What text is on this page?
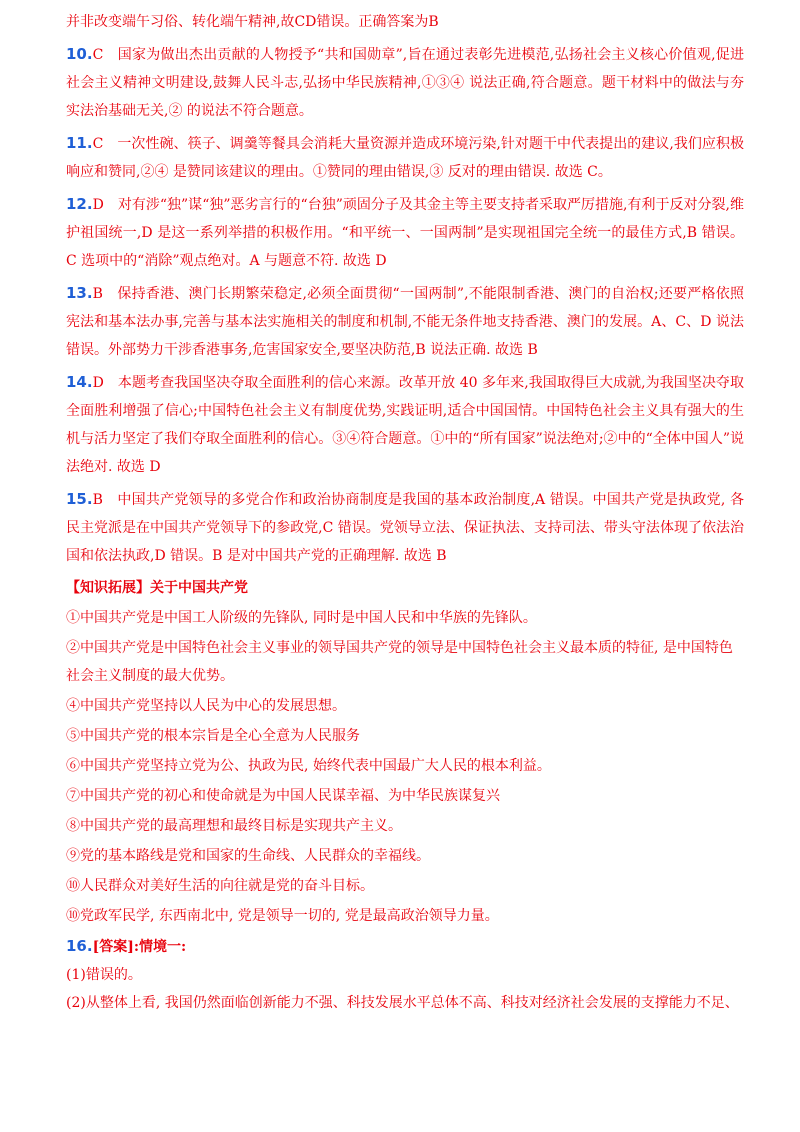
并非改变端午习俗、转化端午精神,故CD错误。正确答案为B

10.C　国家为做出杰出贡献的人物授予“共和国勋章”,旨在通过表彰先进模范,弘扬社会主义核心价值观,促进社会主义精神文明建设,鼓舞人民斗志,弘扬中华民族精神,①③④ 说法正确,符合题意。题干材料中的做法与夯实法治基础无关,② 的说法不符合题意。

11.C　一次性碗、筷子、调羹等餐具会消耗大量资源并造成环境污染,针对题干中代表提出的建议,我们应积极响应和赞同,②④ 是赞同该建议的理由。①赞同的理由错误,③ 反对的理由错误. 故选 C。

12.D　对有涉“独”谋“独”恶劣言行的“台独”顽固分子及其金主等主要支持者采取严厉措施,有利于反对分裂,维护祖国统一,D 是这一系列举措的积极作用。“和平统一、一国两制”是实现祖国完全统一的最佳方式,B 错误。C 选项中的“消除”观点绝对。A 与题意不符. 故选 D

13.B　保持香港、澳门长期繁荣稳定,必须全面贯彻“一国两制”,不能限制香港、澳门的自治权;还要严格依照宪法和基本法办事,完善与基本法实施相关的制度和机制,不能无条件地支持香港、澳门的发展。A、C、D 说法错误。外部势力干涉香港事务,危害国家安全,要坚决防范,B 说法正确. 故选 B

14.D　本题考查我国坚决夺取全面胜利的信心来源。改革开放 40 多年来,我国取得巨大成就,为我国坚决夺取全面胜利增强了信心;中国特色社会主义有制度优势,实践证明,适合中国国情。中国特色社会主义具有强大的生机与活力坚定了我们夺取全面胜利的信心。③④符合题意。①中的“所有国家”说法绝对;②中的“全体中国人”说法绝对. 故选 D

15.B　中国共产党领导的多党合作和政治协商制度是我国的基本政治制度,A 错误。中国共产党是执政党, 各民主党派是在中国共产党领导下的参政党,C 错误。党领导立法、保证执法、支持司法、带头守法体现了依法治国和依法执政,D 错误。B 是对中国共产党的正确理解. 故选 B

【知识拓展】关于中国共产党

①中国共产党是中国工人阶级的先锋队, 同时是中国人民和中华族的先锋队。

②中国共产党是中国特色社会主义事业的领导国共产党的领导是中国特色社会主义最本质的特征, 是中国特色社会主义制度的最大优势。

④中国共产党坚持以人民为中心的发展思想。

⑤中国共产党的根本宗旨是全心全意为人民服务

⑥中国共产党坚持立党为公、执政为民, 始终代表中国最广大人民的根本利益。

⑦中国共产党的初心和使命就是为中国人民谋幸福、为中华民族谋复兴

⑧中国共产党的最高理想和最终目标是实现共产主义。

⑨党的基本路线是党和国家的生命线、人民群众的幸福线。

⑩人民群众对美好生活的向往就是党的奋斗目标。

⑩党政军民学, 东西南北中, 党是领导一切的, 党是最高政治领导力量。

16.[答案]:情境一:

(1)错误的。

(2)从整体上看, 我国仍然面临创新能力不强、科技发展水平总体不高、科技对经济社会发展的支撑能力不足、
